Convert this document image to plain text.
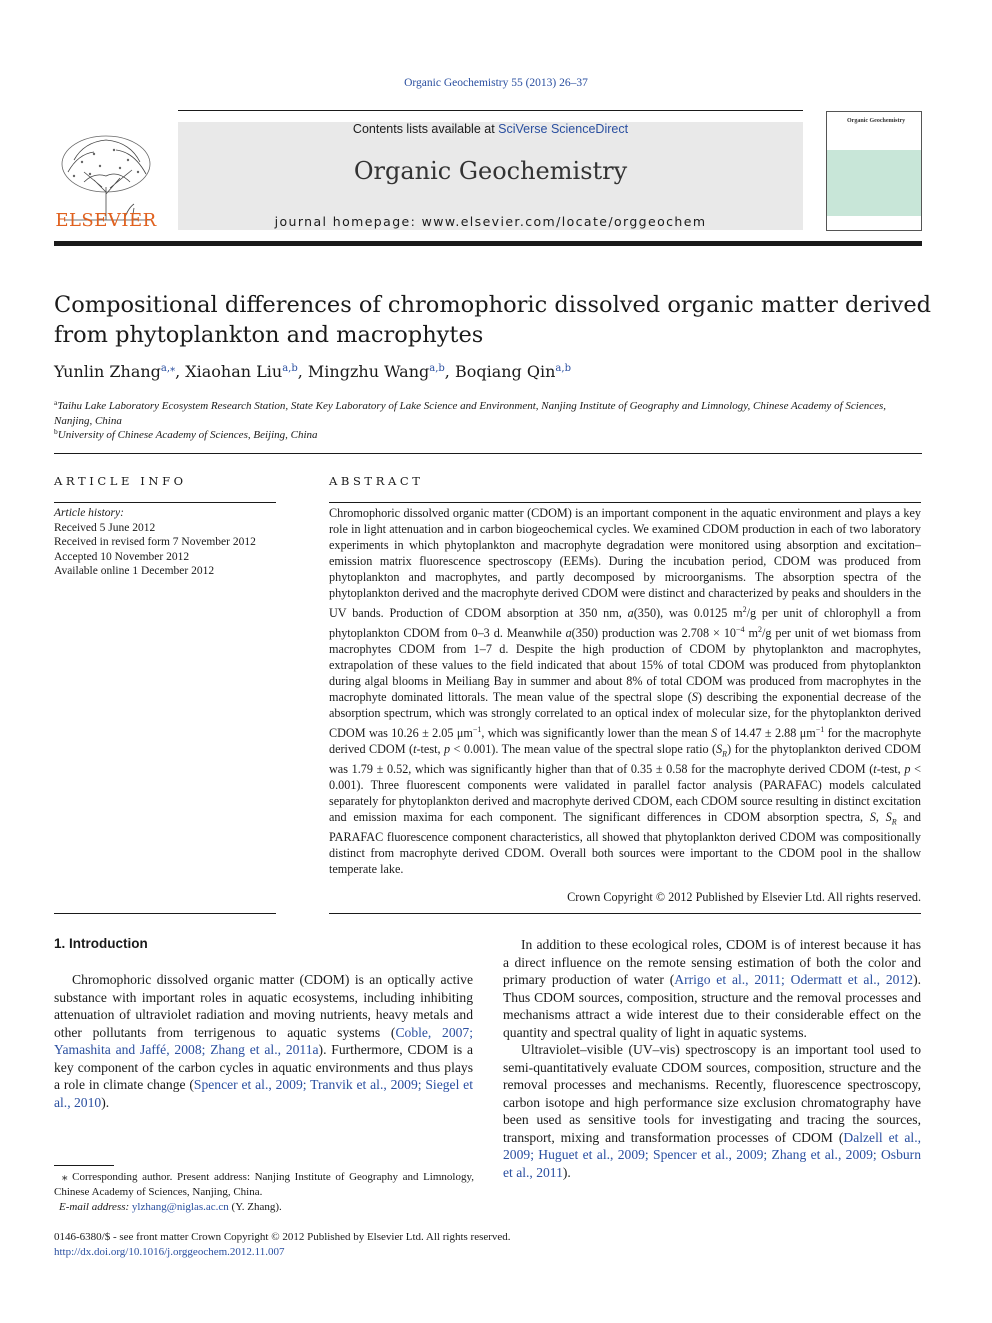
Organic Geochemistry 55 (2013) 26–37
ELSEVIER
Contents lists available at SciVerse ScienceDirect
Organic Geochemistry
journal homepage: www.elsevier.com/locate/orggeochem
Organic Geochemistry
Compositional differences of chromophoric dissolved organic matter derived from phytoplankton and macrophytes
Yunlin Zhang$^{a,⁎}$, Xiaohan Liu$^{a,b}$, Mingzhu Wang$^{a,b}$, Boqiang Qin$^{a,b}$
$^a$Taihu Lake Laboratory Ecosystem Research Station, State Key Laboratory of Lake Science and Environment, Nanjing Institute of Geography and Limnology, Chinese Academy of Sciences, Nanjing, China
$^b$University of Chinese Academy of Sciences, Beijing, China
ARTICLE INFO
Article history:
Received 5 June 2012
Received in revised form 7 November 2012
Accepted 10 November 2012
Available online 1 December 2012
ABSTRACT
Chromophoric dissolved organic matter (CDOM) is an important component in the aquatic environment and plays a key role in light attenuation and in carbon biogeochemical cycles. We examined CDOM production in each of two laboratory experiments in which phytoplankton and macrophyte degradation were monitored using absorption and excitation–emission matrix fluorescence spectroscopy (EEMs). During the incubation period, CDOM was produced from phytoplankton and macrophytes, and partly decomposed by microorganisms. The absorption spectra of the phytoplankton derived and the macrophyte derived CDOM were distinct and characterized by peaks and shoulders in the UV bands. Production of CDOM absorption at 350 nm, a(350), was 0.0125 $m^2/g$ per unit of chlorophyll a from phytoplankton CDOM from 0–3 d. Meanwhile a(350) production was $2.708 \times 10^{-4}$ $m^2/g$ per unit of wet biomass from macrophytes CDOM from 1–7 d. Despite the high production of CDOM by phytoplankton and macrophytes, extrapolation of these values to the field indicated that about 15% of total CDOM was produced from phytoplankton during algal blooms in Meiliang Bay in summer and about 8% of total CDOM was produced from macrophytes in the macrophyte dominated littorals. The mean value of the spectral slope (S) describing the exponential decrease of the absorption spectrum, which was strongly correlated to an optical index of molecular size, for the phytoplankton derived CDOM was 10.26 ± 2.05 $\mu m^{-1}$, which was significantly lower than the mean S of 14.47 ± 2.88 $\mu m^{-1}$ for the macrophyte derived CDOM (t-test, p < 0.001). The mean value of the spectral slope ratio $(S_R)$ for the phytoplankton derived CDOM was 1.79 ± 0.52, which was significantly higher than that of 0.35 ± 0.58 for the macrophyte derived CDOM (t-test, p < 0.001). Three fluorescent components were validated in parallel factor analysis (PARAFAC) models calculated separately for phytoplankton derived and macrophyte derived CDOM, each CDOM source resulting in distinct excitation and emission maxima for each component. The significant differences in CDOM absorption spectra, S, $S_R$ and PARAFAC fluorescence component characteristics, all showed that phytoplankton derived CDOM was compositionally distinct from macrophyte derived CDOM. Overall both sources were important to the CDOM pool in the shallow temperate lake.
Crown Copyright © 2012 Published by Elsevier Ltd. All rights reserved.
1. Introduction

Chromophoric dissolved organic matter (CDOM) is an optically active substance with important roles in aquatic ecosystems, including inhibiting attenuation of ultraviolet radiation and moving nutrients, heavy metals and other pollutants from terrigenous to aquatic systems (Coble, 2007; Yamashita and Jaffé, 2008; Zhang et al., 2011a). Furthermore, CDOM is a key component of the carbon cycles in aquatic environments and thus plays a role in climate change (Spencer et al., 2009; Tranvik et al., 2009; Siegel et al., 2010).

In addition to these ecological roles, CDOM is of interest because it has a direct influence on the remote sensing estimation of both the color and primary production of water (Arrigo et al., 2011; Odermatt et al., 2012). Thus CDOM sources, composition, structure and the removal processes and mechanisms attract a wide interest due to their considerable effect on the quantity and spectral quality of light in aquatic systems.

Ultraviolet–visible (UV–vis) spectroscopy is an important tool used to semi-quantitatively evaluate CDOM sources, composition, structure and the removal processes and mechanisms. Recently, fluorescence spectroscopy, carbon isotope and high performance size exclusion chromatography have been used as sensitive tools for investigating and tracing the sources, transport, mixing and transformation processes of CDOM (Dalzell et al., 2009; Huguet et al., 2009; Spencer et al., 2009; Zhang et al., 2009; Osburn et al., 2011).

⁎ Corresponding author. Present address: Nanjing Institute of Geography and Limnology, Chinese Academy of Sciences, Nanjing, China.
E-mail address: ylzhang@niglas.ac.cn (Y. Zhang).
0146-6380/$ - see front matter Crown Copyright © 2012 Published by Elsevier Ltd. All rights reserved.
http://dx.doi.org/10.1016/j.orggeochem.2012.11.007
